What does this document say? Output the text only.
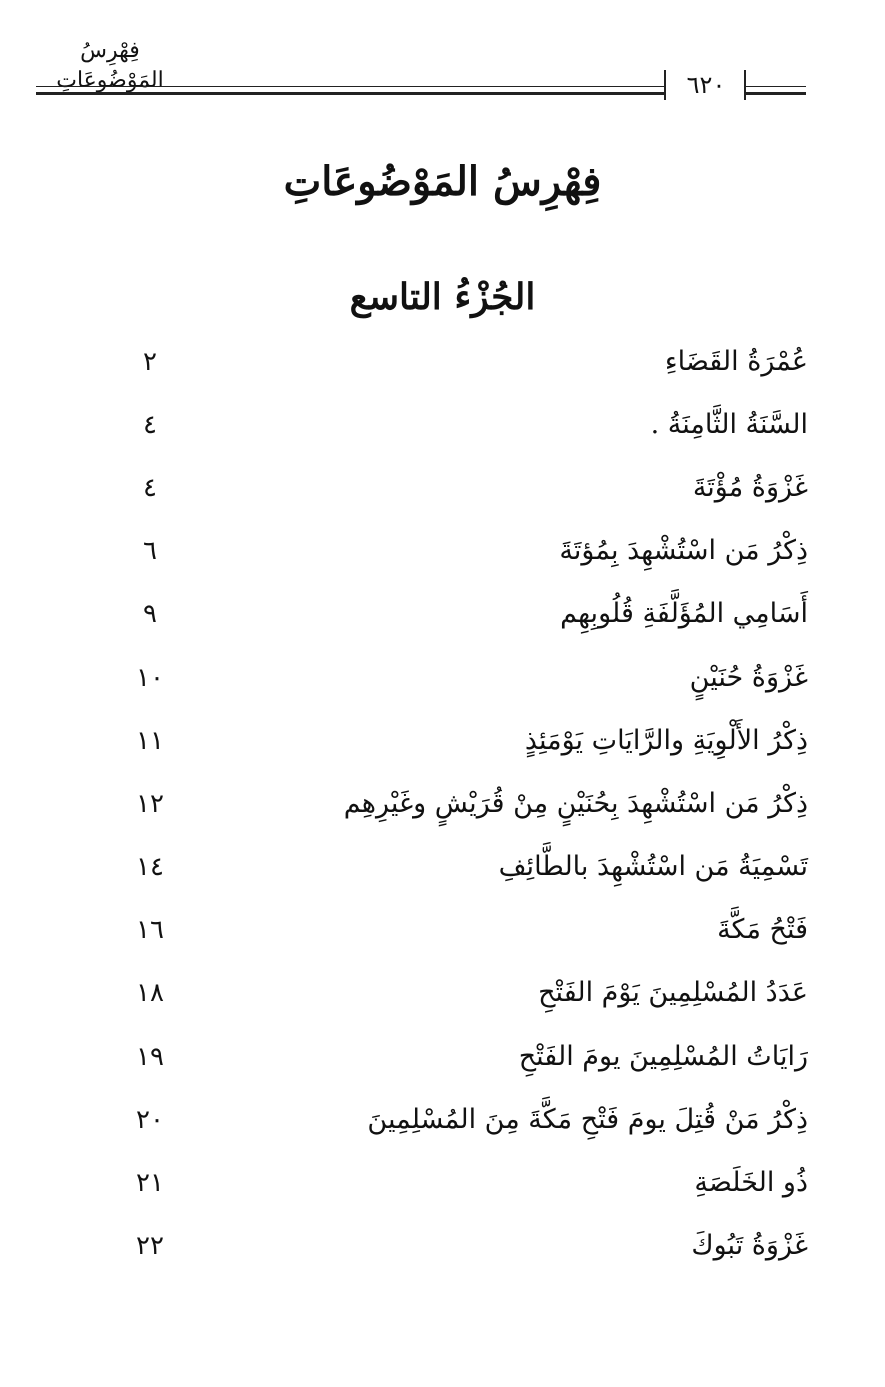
فِهْرِسُ المَوْضُوعَاتِ	٦٢٠
فِهْرِسُ المَوْضُوعَاتِ
الجُزْءُ التاسع
٢	عُمْرَةُ القَضَاءِ
٤	السَّنَةُ الثَّامِنَةُ .
٤	غَزْوَةُ مُؤْتَةَ
٦	ذِكْرُ مَن اسْتُشْهِدَ بِمُؤتَةَ
٩	أَسَامِي المُؤَلَّفَةِ قُلُوبِهِم
١٠	غَزْوَةُ حُنَيْنٍ
١١	ذِكْرُ الأَلْوِيَةِ والرَّايَاتِ يَوْمَئِذٍ
١٢	ذِكْرُ مَن اسْتُشْهِدَ بِحُنَيْنٍ مِنْ قُرَيْشٍ وغَيْرِهِم
١٤	تَسْمِيَةُ مَن اسْتُشْهِدَ بالطَّائِفِ
١٦	فَتْحُ مَكَّةَ
١٨	عَدَدُ المُسْلِمِينَ يَوْمَ الفَتْحِ
١٩	رَايَاتُ المُسْلِمِينَ يومَ الفَتْحِ
٢٠	ذِكْرُ مَنْ قُتِلَ يومَ فَتْحِ مَكَّةَ مِنَ المُسْلِمِينَ
٢١	ذُو الخَلَصَةِ
٢٢	غَزْوَةُ تَبُوكَ
